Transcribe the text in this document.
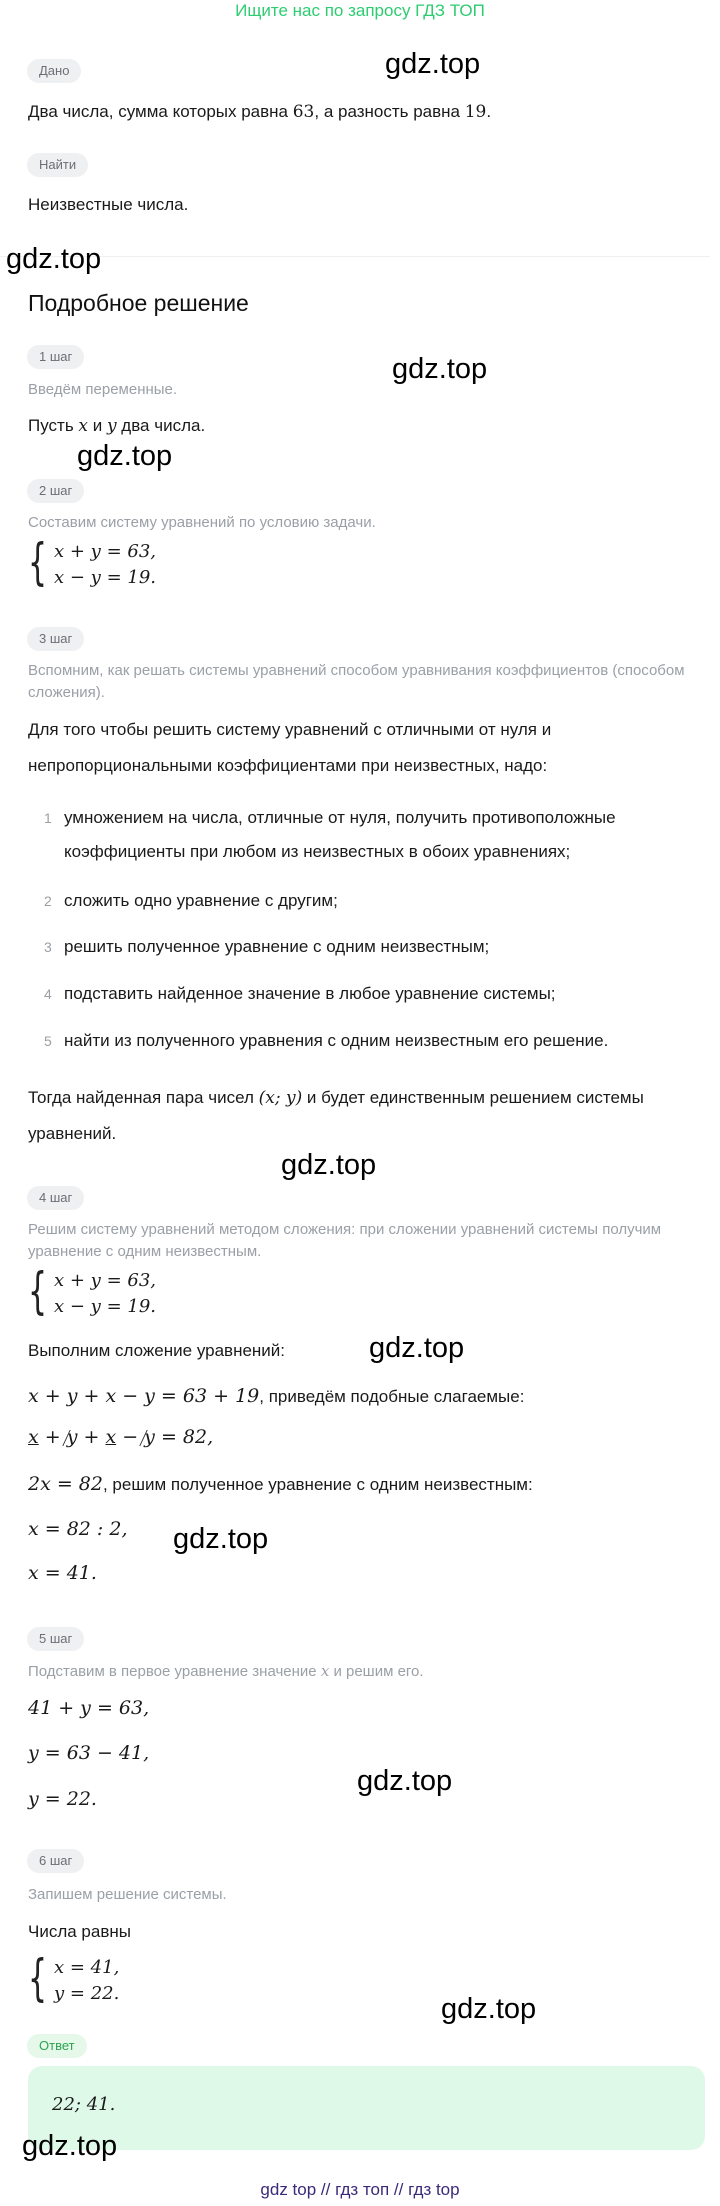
Ищите нас по запросу ГДЗ ТОП
Дано
Два числа, сумма которых равна 63, а разность равна 19.
Найти
Неизвестные числа.
Подробное решение
1 шаг
Введём переменные.
Пусть x и y два числа.
2 шаг
Составим систему уравнений по условию задачи.
{ x + y = 63,
x − y = 19.
3 шаг
Вспомним, как решать системы уравнений способом уравнивания коэффициентов (способом сложения).
Для того чтобы решить систему уравнений с отличными от нуля и непропорциональными коэффициентами при неизвестных, надо:
1 умножением на числа, отличные от нуля, получить противоположные коэффициенты при любом из неизвестных в обоих уравнениях;
2 сложить одно уравнение с другим;
3 решить полученное уравнение с одним неизвестным;
4 подставить найденное значение в любое уравнение системы;
5 найти из полученного уравнения с одним неизвестным его решение.
Тогда найденная пара чисел (x; y) и будет единственным решением системы уравнений.
4 шаг
Решим систему уравнений методом сложения: при сложении уравнений системы получим уравнение с одним неизвестным.
{ x + y = 63,
x − y = 19.
Выполним сложение уравнений:
x + y + x − y = 63 + 19, приведём подобные слагаемые:
x + y + x − y = 82,
2x = 82, решим полученное уравнение с одним неизвестным:
x = 82 : 2,
x = 41.
5 шаг
Подставим в первое уравнение значение x и решим его.
41 + y = 63,
y = 63 − 41,
y = 22.
6 шаг
Запишем решение системы.
Числа равны
{ x = 41,
y = 22.
Ответ
22; 41.
gdz.top
gdz.top
gdz.top
gdz.top
gdz.top
gdz.top
gdz.top
gdz.top
gdz.top
gdz.top
gdz top // гдз топ // гдз top
